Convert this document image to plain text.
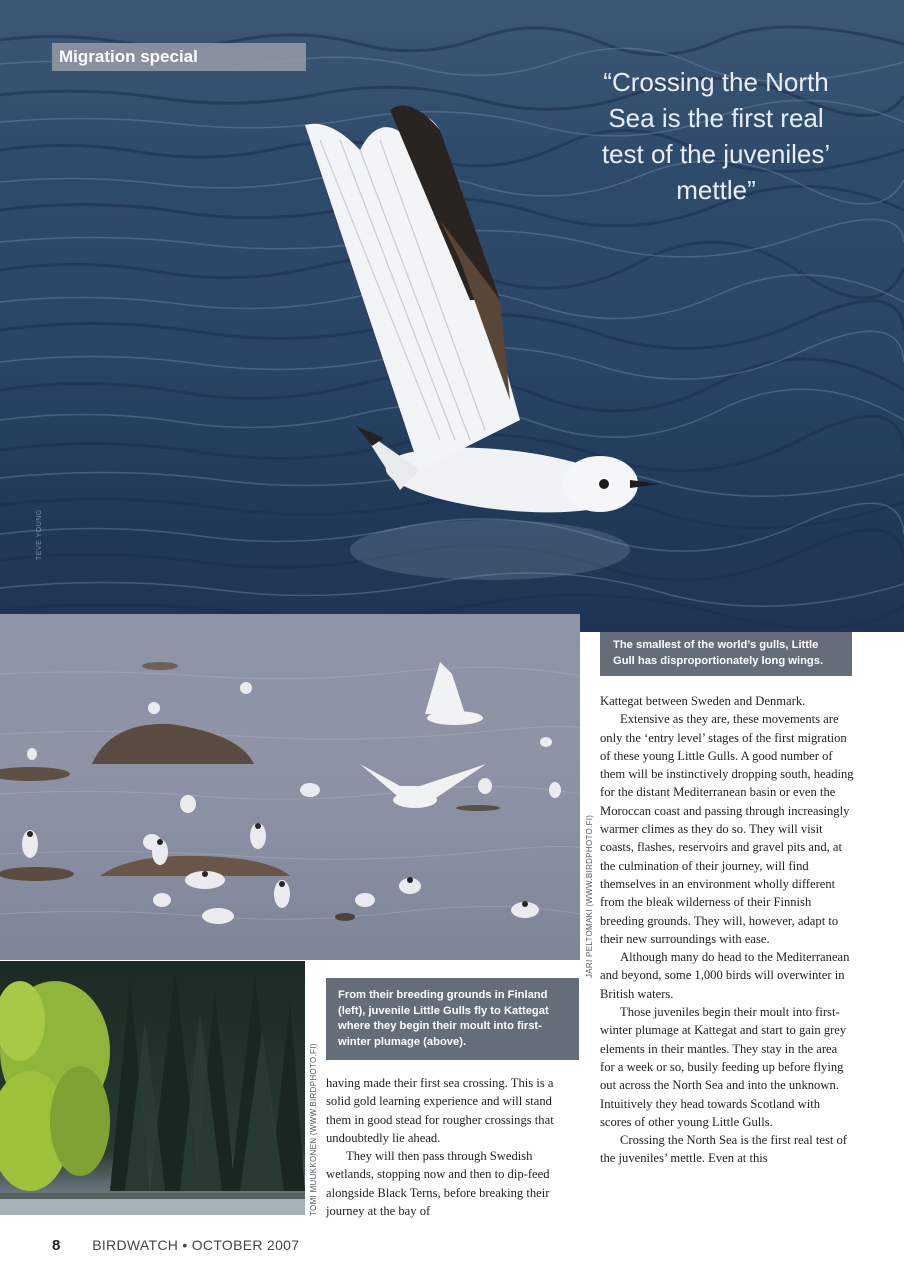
Migration special
“Crossing the North Sea is the first real test of the juveniles’ mettle”
TEVE YOUNG
The smallest of the world’s gulls, Little Gull has disproportionately long wings.
From their breeding grounds in Finland (left), juvenile Little Gulls fly to Kattegat where they begin their moult into first-winter plumage (above).
JARI PELTOMAKI (WWW.BIRDPHOTO.FI)
TOMI MUUKKONEN (WWW.BIRDPHOTO.FI) having made their first sea crossing. This is a solid gold learning experience and will stand them in good stead for rougher crossings that undoubtedly lie ahead.

They will then pass through Swedish wetlands, stopping now and then to dip-feed alongside Black Terns, before breaking their journey at the bay of

Kattegat between Sweden and Denmark.

Extensive as they are, these movements are only the ‘entry level’ stages of the first migration of these young Little Gulls. A good number of them will be instinctively dropping south, heading for the distant Mediterranean basin or even the Moroccan coast and passing through increasingly warmer climes as they do so. They will visit coasts, flashes, reservoirs and gravel pits and, at the culmination of their journey, will find themselves in an environment wholly different from the bleak wilderness of their Finnish breeding grounds. They will, however, adapt to their new surroundings with ease.

Although many do head to the Mediterranean and beyond, some 1,000 birds will overwinter in British waters.

Those juveniles begin their moult into first-winter plumage at Kattegat and start to gain grey elements in their mantles. They stay in the area for a week or so, busily feeding up before flying out across the North Sea and into the unknown. Intuitively they head towards Scotland with scores of other young Little Gulls.

Crossing the North Sea is the first real test of the juveniles’ mettle. Even at this

8 BIRDWATCH • OCTOBER 2007
